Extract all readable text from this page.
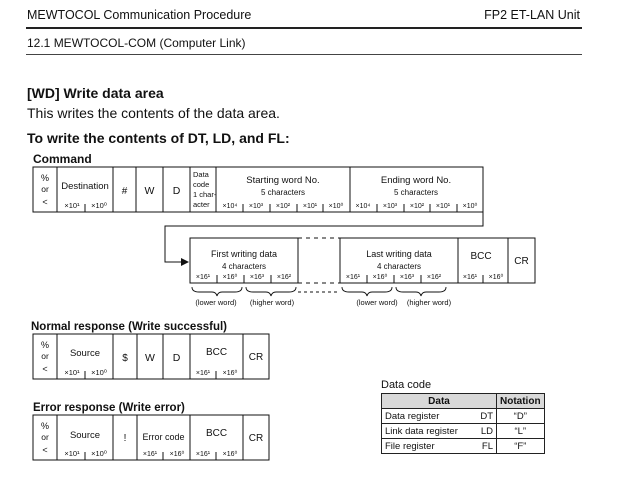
MEWTOCOL Communication Procedure	FP2 ET-LAN Unit
12.1 MEWTOCOL-COM (Computer Link)
[WD] Write data area
This writes the contents of the data area.
To write the contents of DT, LD, and FL:
Command
%
or
<
Destination
×10¹ ×10⁰
# W D
Data
code
1 char-
acter
Starting word No.
5 characters
×10⁴ ×10³ ×10² ×10¹ ×10⁰
Ending word No.
5 characters
×10⁴ ×10³ ×10² ×10¹ ×10⁰
First writing data
4 characters
×16¹ ×16⁰ ×16³ ×16²
Last writing data
4 characters
×16¹ ×16⁰ ×16³ ×16²
BCC
×16¹ ×16⁰
CR
(lower word) (higher word)	(lower word) (higher word)
Normal response (Write successful)
%
or
<
Source
×10¹ ×10⁰
$ W D	BCC
×16¹ ×16⁰
CR
Error response (Write error)
%
or
<
Source
×10¹ ×10⁰
! Error code
×16¹ ×16⁰
BCC
×16¹ ×16⁰
CR
Data code
Data		Notation
Data register	DT	“D”
Link data register	LD	“L”
File register	FL	“F”
